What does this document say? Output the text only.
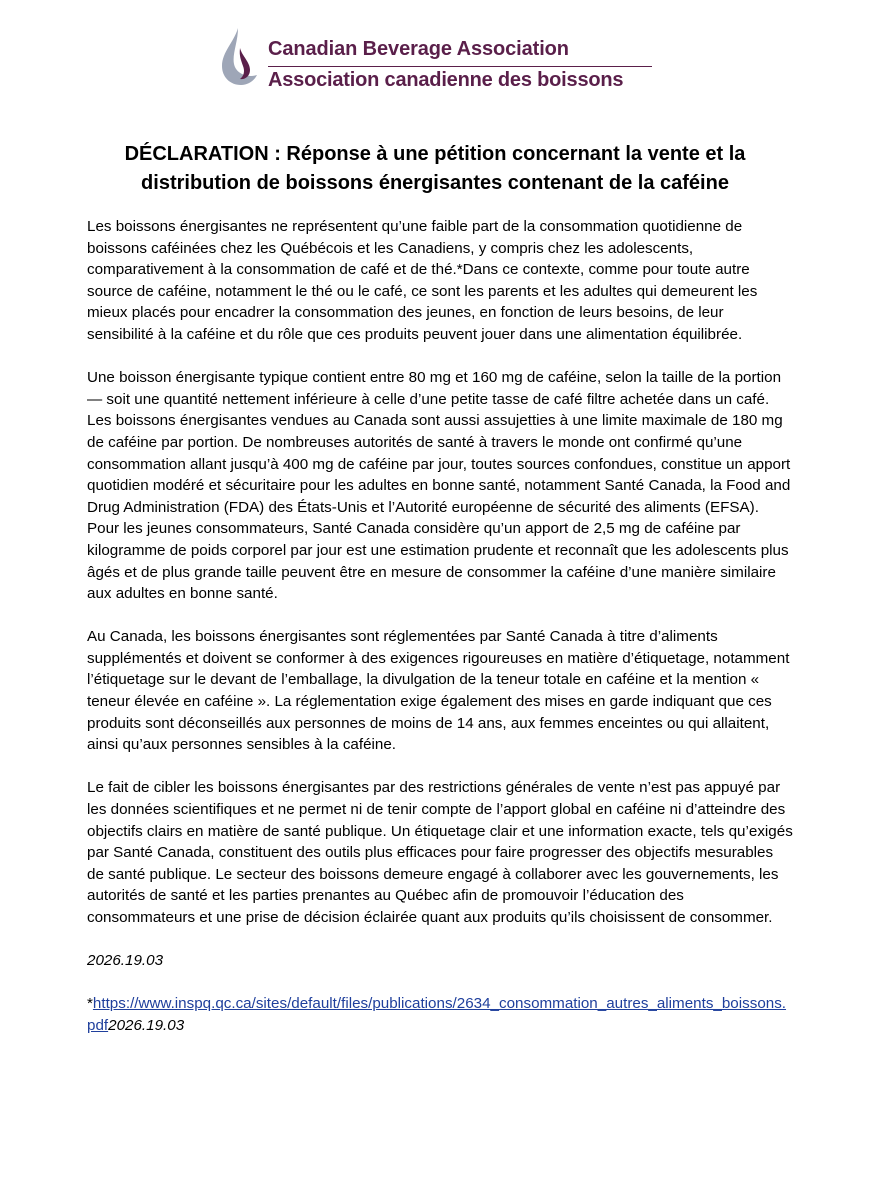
Canadian Beverage Association
Association canadienne des boissons
DÉCLARATION : Réponse à une pétition concernant la vente et la
distribution de boissons énergisantes contenant de la caféine

Les boissons énergisantes ne représentent qu’une faible part de la consommation quotidienne de boissons caféinées chez les Québécois et les Canadiens, y compris chez les adolescents, comparativement à la consommation de café et de thé.*Dans ce contexte, comme pour toute autre source de caféine, notamment le thé ou le café, ce sont les parents et les adultes qui demeurent les mieux placés pour encadrer la consommation des jeunes, en fonction de leurs besoins, de leur sensibilité à la caféine et du rôle que ces produits peuvent jouer dans une alimentation équilibrée.

Une boisson énergisante typique contient entre 80 mg et 160 mg de caféine, selon la taille de la portion — soit une quantité nettement inférieure à celle d’une petite tasse de café filtre achetée dans un café. Les boissons énergisantes vendues au Canada sont aussi assujetties à une limite maximale de 180 mg de caféine par portion. De nombreuses autorités de santé à travers le monde ont confirmé qu’une consommation allant jusqu’à 400 mg de caféine par jour, toutes sources confondues, constitue un apport quotidien modéré et sécuritaire pour les adultes en bonne santé, notamment Santé Canada, la Food and Drug Administration (FDA) des États-Unis et l’Autorité européenne de sécurité des aliments (EFSA). Pour les jeunes consommateurs, Santé Canada considère qu’un apport de 2,5 mg de caféine par kilogramme de poids corporel par jour est une estimation prudente et reconnaît que les adolescents plus âgés et de plus grande taille peuvent être en mesure de consommer la caféine d’une manière similaire aux adultes en bonne santé.

Au Canada, les boissons énergisantes sont réglementées par Santé Canada à titre d’aliments supplémentés et doivent se conformer à des exigences rigoureuses en matière d’étiquetage, notamment l’étiquetage sur le devant de l’emballage, la divulgation de la teneur totale en caféine et la mention « teneur élevée en caféine ». La réglementation exige également des mises en garde indiquant que ces produits sont déconseillés aux personnes de moins de 14 ans, aux femmes enceintes ou qui allaitent, ainsi qu’aux personnes sensibles à la caféine.

Le fait de cibler les boissons énergisantes par des restrictions générales de vente n’est pas appuyé par les données scientifiques et ne permet ni de tenir compte de l’apport global en caféine ni d’atteindre des objectifs clairs en matière de santé publique. Un étiquetage clair et une information exacte, tels qu’exigés par Santé Canada, constituent des outils plus efficaces pour faire progresser des objectifs mesurables de santé publique. Le secteur des boissons demeure engagé à collaborer avec les gouvernements, les autorités de santé et les parties prenantes au Québec afin de promouvoir l’éducation des consommateurs et une prise de décision éclairée quant aux produits qu’ils choisissent de consommer.

2026.19.03

*https://www.inspq.qc.ca/sites/default/files/publications/2634_consommation_autres_aliments_boissons.pdf2026.19.03
